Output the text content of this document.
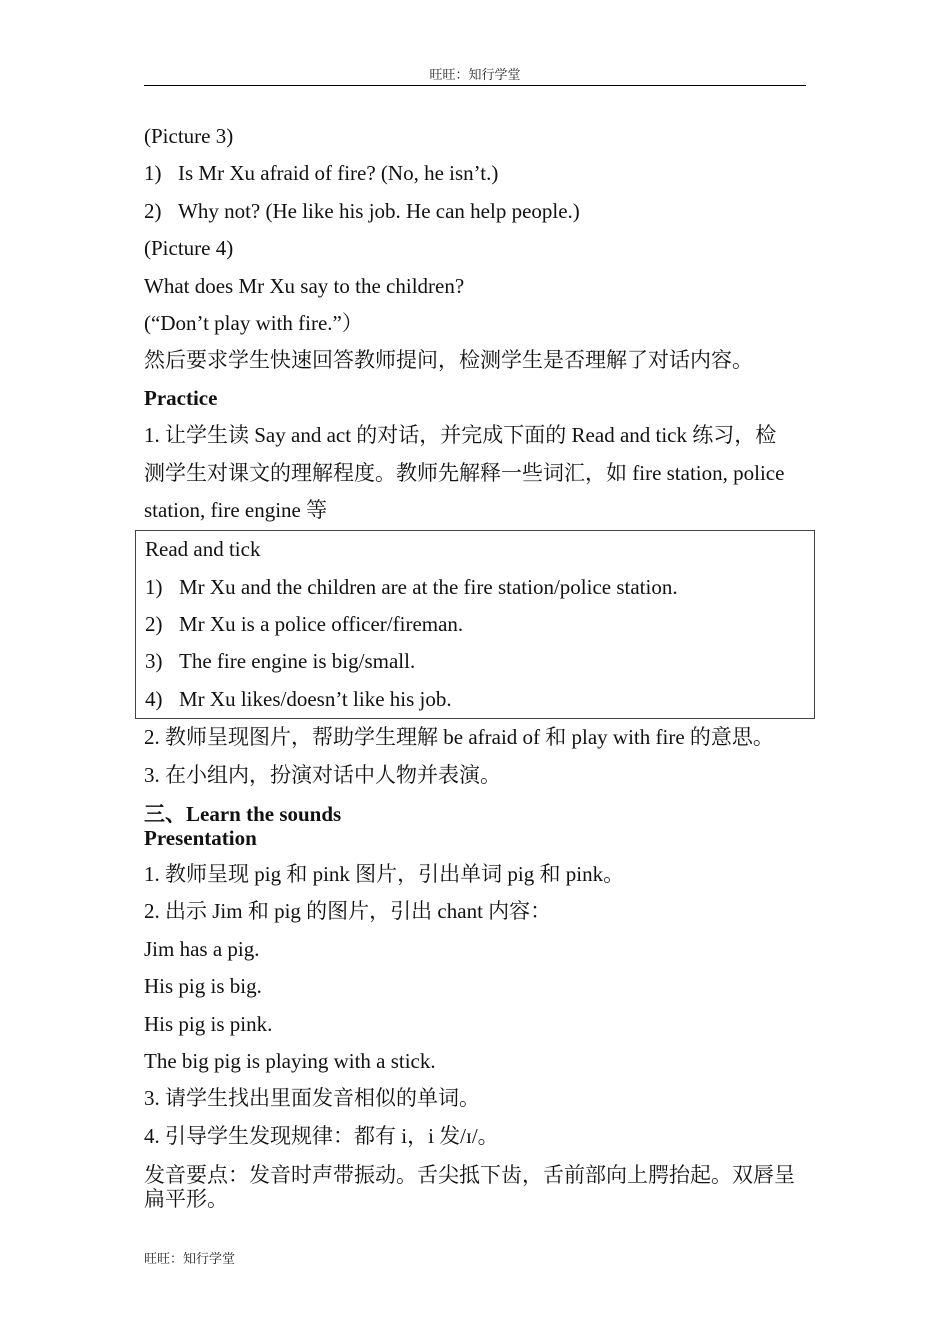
旺旺：知行学堂
(Picture 3)
1) Is Mr Xu afraid of fire? (No, he isn’t.)
2) Why not? (He like his job. He can help people.)
(Picture 4)
What does Mr Xu say to the children?
(“Don’t play with fire.”）
然后要求学生快速回答教师提问，检测学生是否理解了对话内容。
Practice
1. 让学生读 Say and act 的对话，并完成下面的 Read and tick 练习，检
测学生对课文的理解程度。教师先解释一些词汇，如 fire station, police
station, fire engine 等
Read and tick
1) Mr Xu and the children are at the fire station/police station.
2) Mr Xu is a police officer/fireman.
3) The fire engine is big/small.
4) Mr Xu likes/doesn’t like his job.
2. 教师呈现图片，帮助学生理解 be afraid of 和 play with fire 的意思。
3. 在小组内，扮演对话中人物并表演。
三、Learn the sounds
Presentation
1. 教师呈现 pig 和 pink 图片，引出单词 pig 和 pink。
2. 出示 Jim 和 pig 的图片，引出 chant 内容：
Jim has a pig.
His pig is big.
His pig is pink.
The big pig is playing with a stick.
3. 请学生找出里面发音相似的单词。
4. 引导学生发现规律：都有 i，i 发/ɪ/。
发音要点：发音时声带振动。舌尖抵下齿，舌前部向上腭抬起。双唇呈
扁平形。
旺旺：知行学堂
